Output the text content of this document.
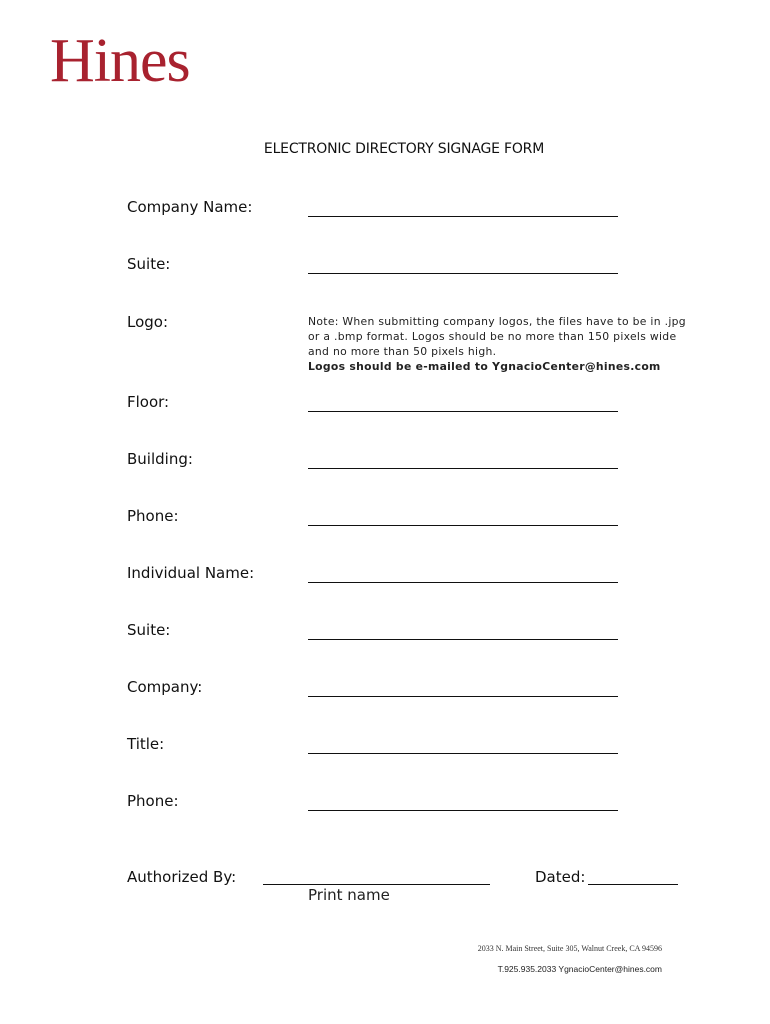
Hines
ELECTRONIC DIRECTORY SIGNAGE FORM
Company Name:
Suite:
Logo:	Note: When submitting company logos, the files have to be in .jpg or a .bmp format. Logos should be no more than 150 pixels wide and no more than 50 pixels high.
Logos should be e-mailed to YgnacioCenter@hines.com
Floor:
Building:
Phone:
Individual Name:
Suite:
Company:
Title:
Phone:
Authorized By:
Print name
Dated:
2033 N. Main Street, Suite 305, Walnut Creek, CA 94596
T.925.935.2033 YgnacioCenter@hines.com
